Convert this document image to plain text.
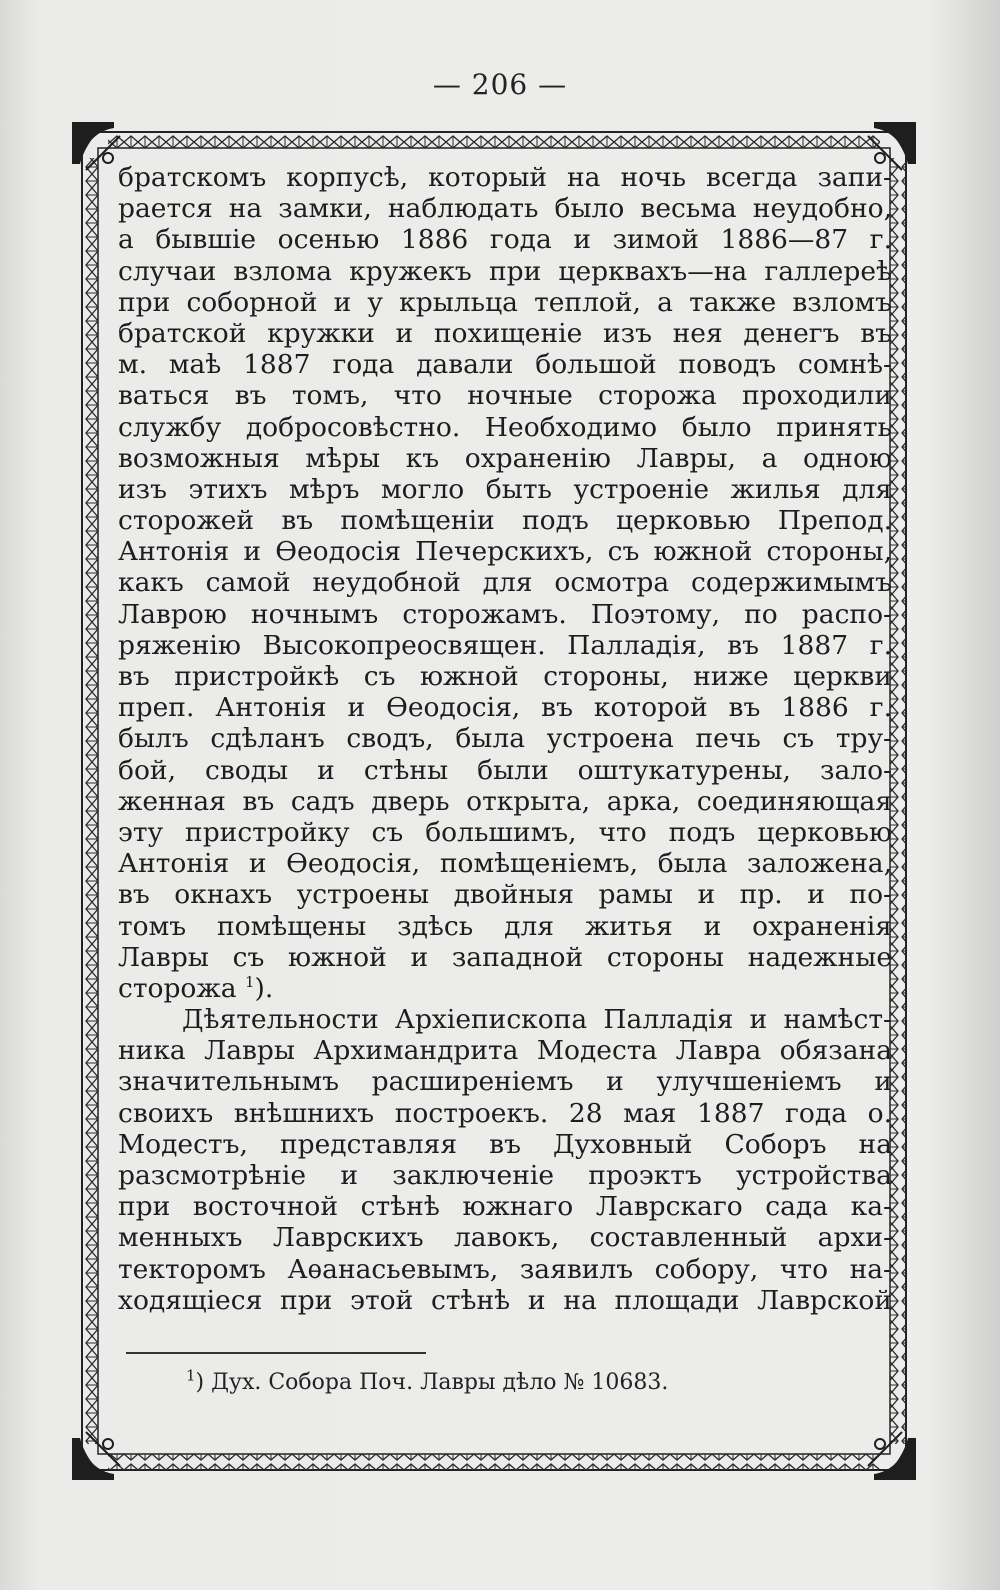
— 206 —
братскомъ корпусѣ, который на ночь всегда запи-
рается на замки, наблюдать было весьма неудобно,
а бывшіе осенью 1886 года и зимой 1886—87 г.
случаи взлома кружекъ при церквахъ—на галлереѣ
при соборной и у крыльца теплой, а также взломъ
братской кружки и похищеніе изъ нея денегъ въ
м. маѣ 1887 года давали большой поводъ сомнѣ-
ваться въ томъ, что ночные сторожа проходили
службу добросовѣстно. Необходимо было принять
возможныя мѣры къ охраненію Лавры, а одною
изъ этихъ мѣръ могло быть устроеніе жилья для
сторожей въ помѣщеніи подъ церковью Препод.
Антонія и Ѳеодосія Печерскихъ, съ южной стороны,
какъ самой неудобной для осмотра содержимымъ
Лаврою ночнымъ сторожамъ. Поэтому, по распо-
ряженію Высокопреосвящен. Палладія, въ 1887 г.
въ пристройкѣ съ южной стороны, ниже церкви
преп. Антонія и Ѳеодосія, въ которой въ 1886 г.
былъ сдѣланъ сводъ, была устроена печь съ тру-
бой, своды и стѣны были оштукатурены, зало-
женная въ садъ дверь открыта, арка, соединяющая
эту пристройку съ большимъ, что подъ церковью
Антонія и Ѳеодосія, помѣщеніемъ, была заложена,
въ окнахъ устроены двойныя рамы и пр. и по-
томъ помѣщены здѣсь для житья и охраненія
Лавры съ южной и западной стороны надежные
сторожа $^1$).
Дѣятельности Архіепископа Палладія и намѣст-
ника Лавры Архимандрита Модеста Лавра обязана
значительнымъ расширеніемъ и улучшеніемъ и
своихъ внѣшнихъ построекъ. 28 мая 1887 года о.
Модестъ, представляя въ Духовный Соборъ на
разсмотрѣніе и заключеніе проэктъ устройства
при восточной стѣнѣ южнаго Лаврскаго сада ка-
менныхъ Лаврскихъ лавокъ, составленный архи-
текторомъ Аѳанасьевымъ, заявилъ собору, что на-
ходящіеся при этой стѣнѣ и на площади Лаврской
$^1$) Дух. Собора Поч. Лавры дѣло № 10683.
